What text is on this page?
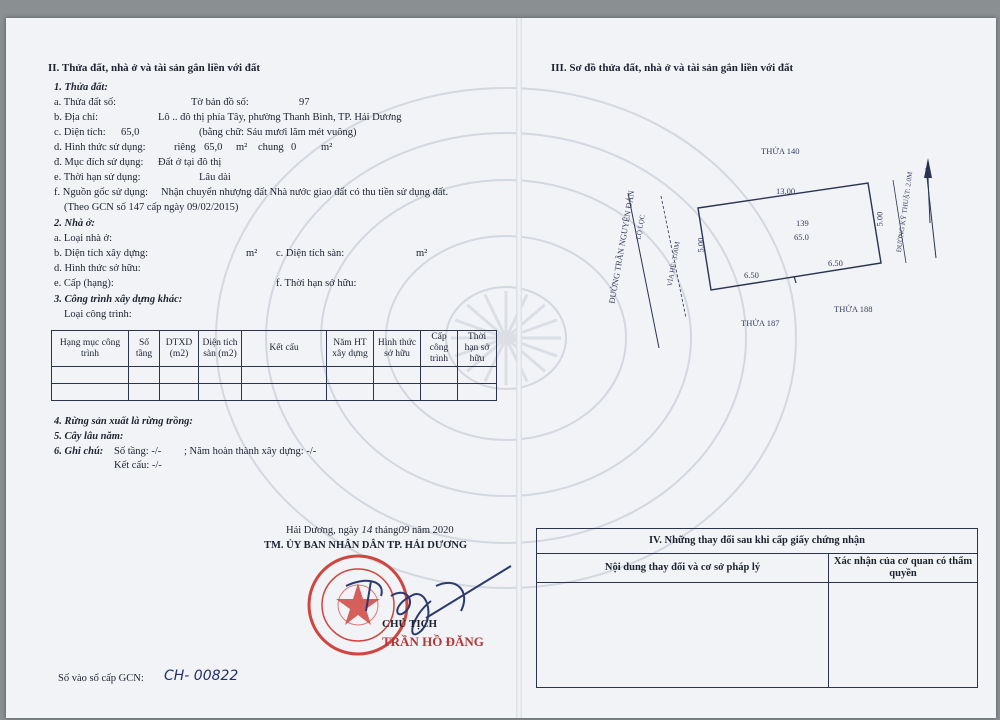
II. Thửa đất, nhà ở và tài sản gắn liền với đất
1. Thửa đất:
a. Thửa đất số:	Tờ bản đồ số:	97
b. Địa chỉ:	Lô .. đô thị phía Tây, phường Thanh Bình, TP. Hải Dương
c. Diện tích: 65,0	(bằng chữ: Sáu mươi lăm mét vuông)
d. Hình thức sử dụng:	riêng 65,0 m² chung 0 m²
đ. Mục đích sử dụng: Đất ở tại đô thị
e. Thời hạn sử dụng:	Lâu dài
f. Nguồn gốc sử dụng: Nhận chuyển nhượng đất Nhà nước giao đất có thu tiền sử dụng đất.
(Theo GCN số 147 cấp ngày 09/02/2015)
2. Nhà ở:
a. Loại nhà ở:
b. Diện tích xây dựng:	m² c. Diện tích sàn:	m²
d. Hình thức sở hữu:
e. Cấp (hạng):	f. Thời hạn sở hữu:
3. Công trình xây dựng khác:
Loại công trình:
Hạng mục công trình	Số tầng	DTXD (m2)	Diện tích sàn (m2)	Kết cấu	Năm HT xây dựng	Hình thức sở hữu	Cấp công trình	Thời hạn sở hữu

4. Rừng sản xuất là rừng trồng:
5. Cây lâu năm:
6. Ghi chú: Số tầng: -/- ; Năm hoàn thành xây dựng: -/-
Kết cấu: -/-
Hải Dương, ngày 14 tháng09 năm 2020
TM. ỦY BAN NHÂN DÂN TP. HẢI DƯƠNG
CHỦ TỊCH
TRẦN HỒ ĐĂNG
Số vào sổ cấp GCN: CH- 00822
III. Sơ đồ thửa đất, nhà ở và tài sản gắn liền với đất
THỬA 140
13.00
139
65.0
5.00
5.00
6.50
6.50
THỬA 187
THỬA 188
ĐƯỜNG TRẦN NGUYÊN ĐÁN
LỘ LỌC
VỈA HÈ: 3.00M
ĐƯỜNG KỸ THUẬT: 2.0M
IV. Những thay đổi sau khi cấp giấy chứng nhận	
Nội dung thay đổi và cơ sở pháp lý	Xác nhận của cơ quan có thẩm quyền
